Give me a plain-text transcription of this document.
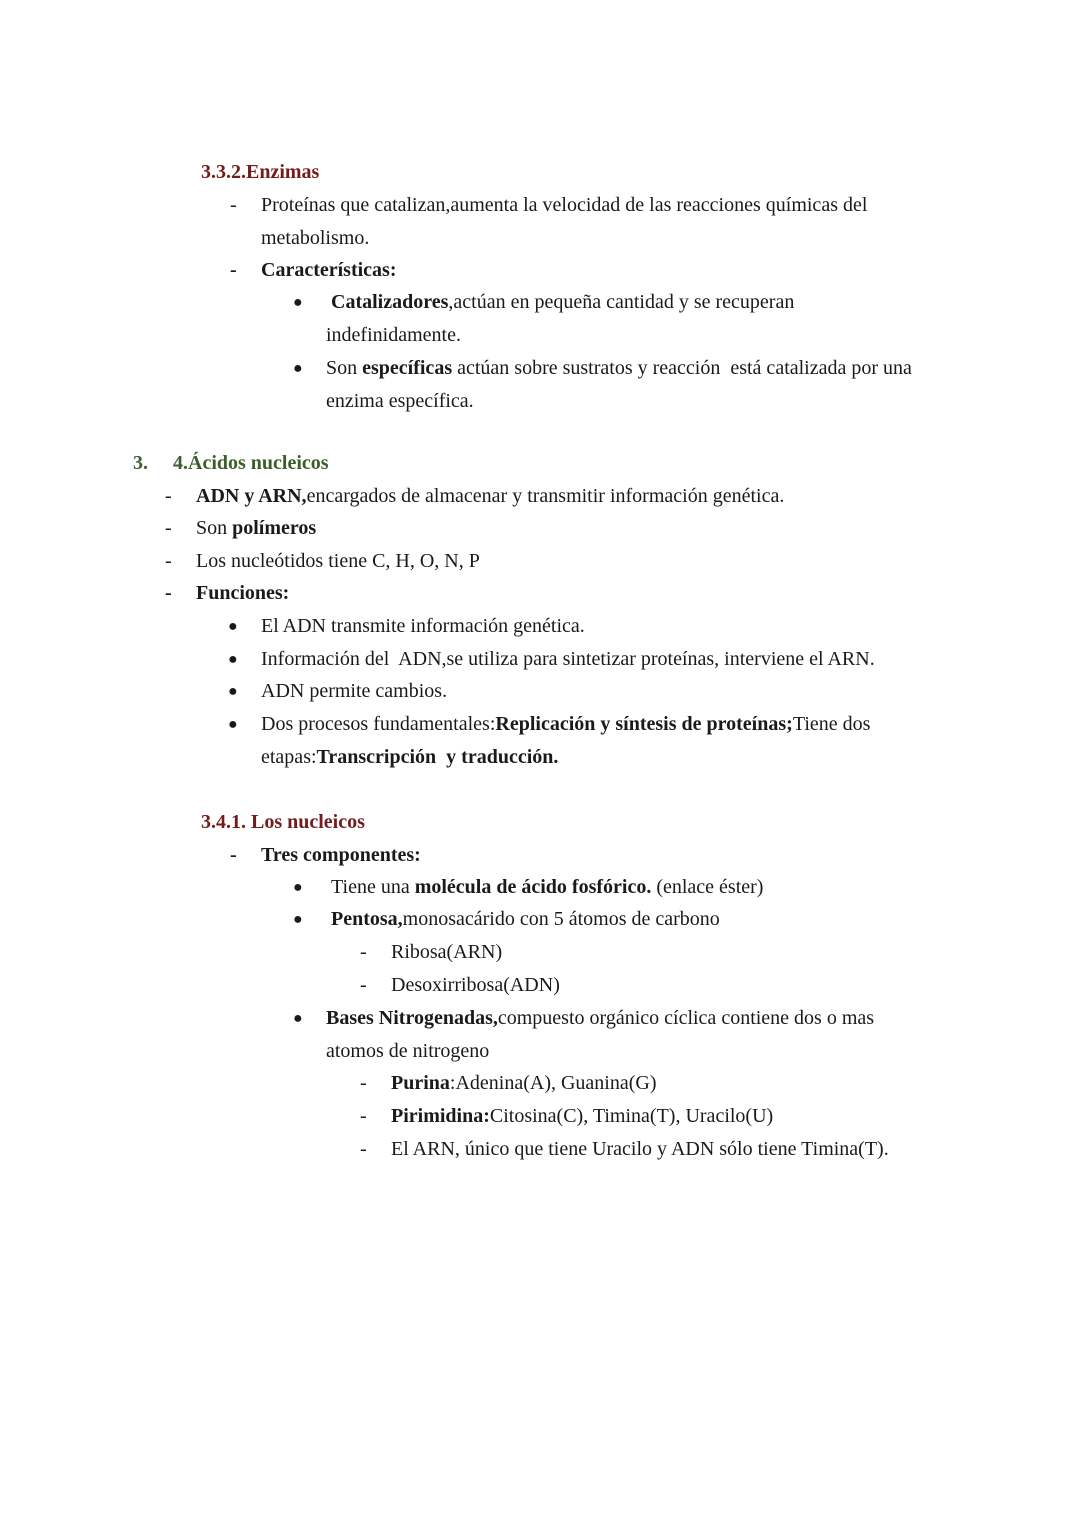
3.3.2.Enzimas
- Proteínas que catalizan,aumenta la velocidad de las reacciones químicas del
metabolismo.
- Características:
● Catalizadores,actúan en pequeña cantidad y se recuperan
indefinidamente.
● Son específicas actúan sobre sustratos y reacción  está catalizada por una
enzima específica.
3. 4.Ácidos nucleicos
- ADN y ARN,encargados de almacenar y transmitir información genética.
- Son polímeros
- Los nucleótidos tiene C, H, O, N, P
- Funciones:
● El ADN transmite información genética.
● Información del  ADN,se utiliza para sintetizar proteínas, interviene el ARN.
● ADN permite cambios.
● Dos procesos fundamentales:Replicación y síntesis de proteínas;Tiene dos
etapas:Transcripción  y traducción.
3.4.1. Los nucleicos
- Tres componentes:
● Tiene una molécula de ácido fosfórico. (enlace éster)
● Pentosa,monosacárido con 5 átomos de carbono
- Ribosa(ARN)
- Desoxirribosa(ADN)
● Bases Nitrogenadas,compuesto orgánico cíclica contiene dos o mas
atomos de nitrogeno
- Purina:Adenina(A), Guanina(G)
- Pirimidina:Citosina(C), Timina(T), Uracilo(U)
- El ARN, único que tiene Uracilo y ADN sólo tiene Timina(T).
